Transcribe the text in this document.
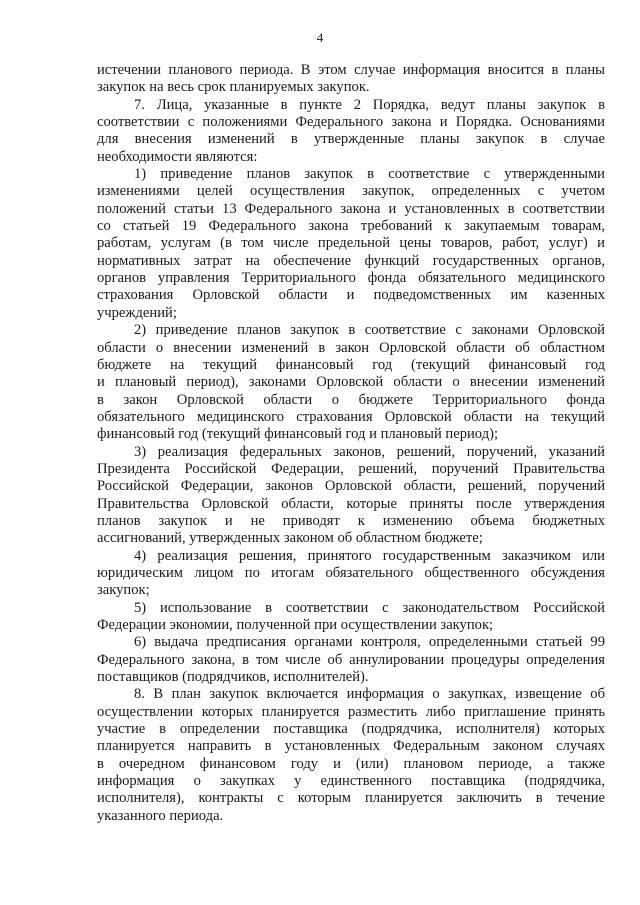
4
истечении планового периода. В этом случае информация вносится в планы
закупок на весь срок планируемых закупок.
7. Лица, указанные в пункте 2 Порядка, ведут планы закупок в
соответствии с положениями Федерального закона и Порядка. Основаниями
для внесения изменений в утвержденные планы закупок в случае
необходимости являются:
1) приведение планов закупок в соответствие с утвержденными
изменениями целей осуществления закупок, определенных с учетом
положений статьи 13 Федерального закона и установленных в соответствии
со статьей 19 Федерального закона требований к закупаемым товарам,
работам, услугам (в том числе предельной цены товаров, работ, услуг) и
нормативных затрат на обеспечение функций государственных органов,
органов управления Территориального фонда обязательного медицинского
страхования Орловской области и подведомственных им казенных
учреждений;
2) приведение планов закупок в соответствие с законами Орловской
области о внесении изменений в закон Орловской области об областном
бюджете на текущий финансовый год (текущий финансовый год
и плановый период), законами Орловской области о внесении изменений
в закон Орловской области о бюджете Территориального фонда
обязательного медицинского страхования Орловской области на текущий
финансовый год (текущий финансовый год и плановый период);
3) реализация федеральных законов, решений, поручений, указаний
Президента Российской Федерации, решений, поручений Правительства
Российской Федерации, законов Орловской области, решений, поручений
Правительства Орловской области, которые приняты после утверждения
планов закупок и не приводят к изменению объема бюджетных
ассигнований, утвержденных законом об областном бюджете;
4) реализация решения, принятого государственным заказчиком или
юридическим лицом по итогам обязательного общественного обсуждения
закупок;
5) использование в соответствии с законодательством Российской
Федерации экономии, полученной при осуществлении закупок;
6) выдача предписания органами контроля, определенными статьей 99
Федерального закона, в том числе об аннулировании процедуры определения
поставщиков (подрядчиков, исполнителей).
8. В план закупок включается информация о закупках, извещение об
осуществлении которых планируется разместить либо приглашение принять
участие в определении поставщика (подрядчика, исполнителя) которых
планируется направить в установленных Федеральным законом случаях
в очередном финансовом году и (или) плановом периоде, а также
информация о закупках у единственного поставщика (подрядчика,
исполнителя), контракты с которым планируется заключить в течение
указанного периода.
